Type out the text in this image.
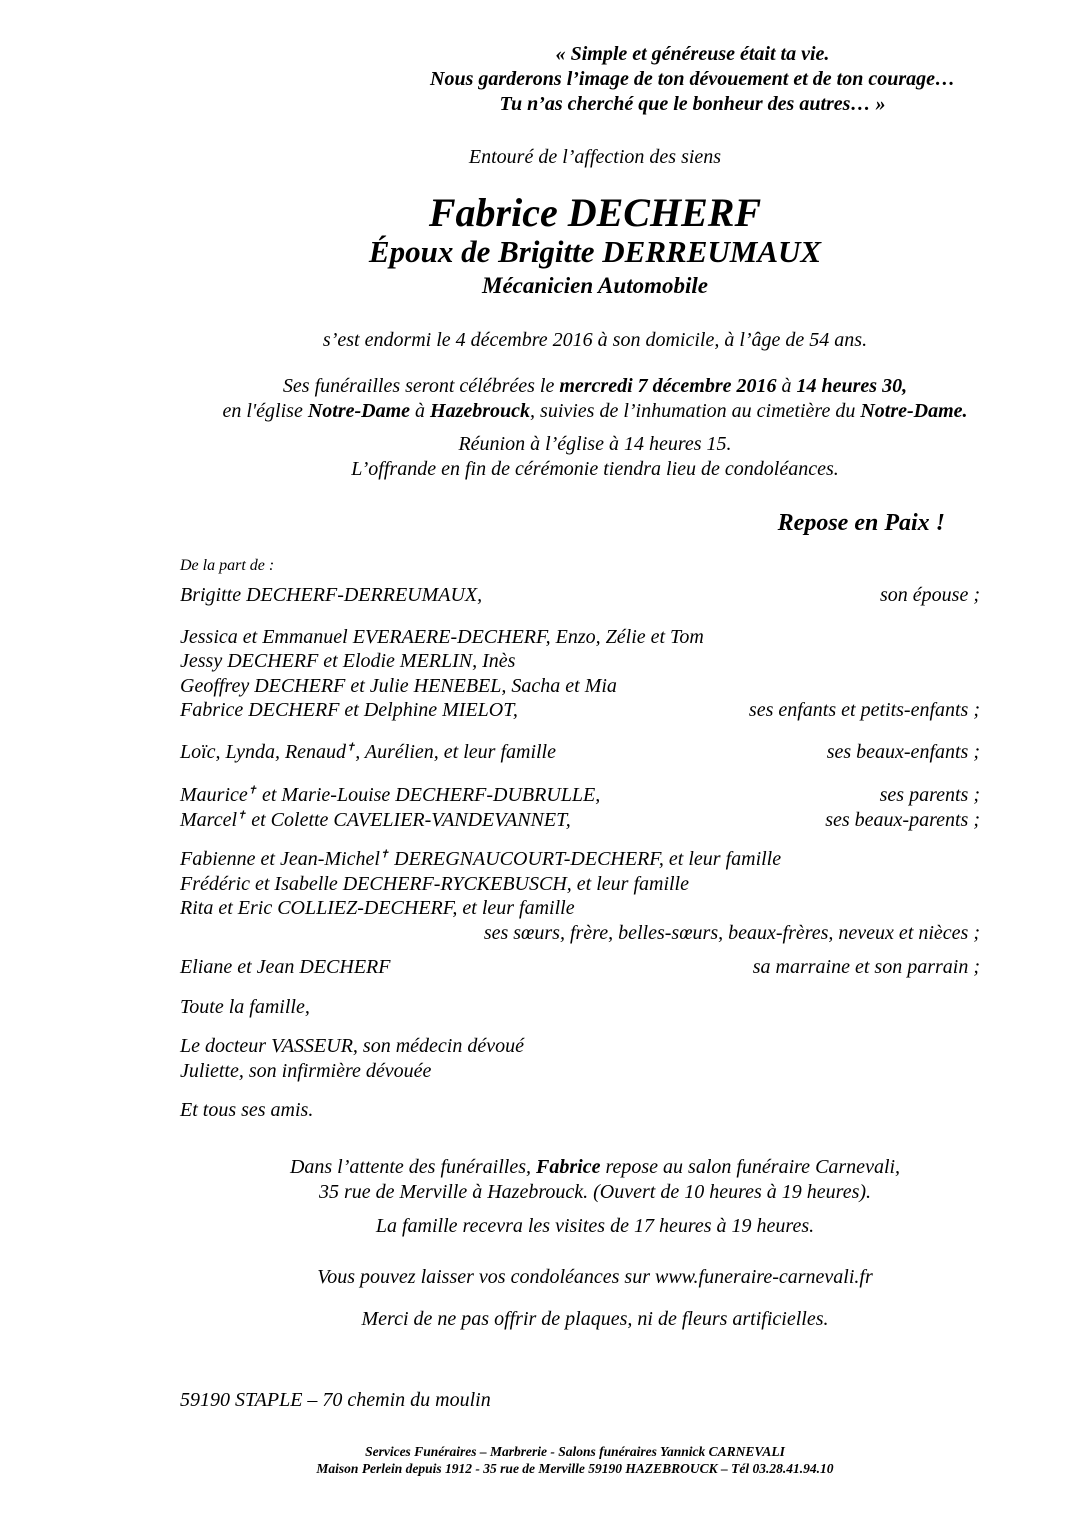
« Simple et généreuse était ta vie.
Nous garderons l’image de ton dévouement et de ton courage…
Tu n’as cherché que le bonheur des autres… »
Entouré de l’affection des siens
Fabrice DECHERF
Époux de Brigitte DERREUMAUX
Mécanicien Automobile
s’est endormi le 4 décembre 2016 à son domicile, à l’âge de 54 ans.
Ses funérailles seront célébrées le mercredi 7 décembre 2016 à 14 heures 30,
en l'église Notre-Dame à Hazebrouck, suivies de l’inhumation au cimetière du Notre-Dame.
Réunion à l’église à 14 heures 15.
L’offrande en fin de cérémonie tiendra lieu de condoléances.
Repose en Paix !
De la part de :
Brigitte DECHERF-DERREUMAUX,	son épouse ;
Jessica et Emmanuel EVERAERE-DECHERF, Enzo, Zélie et Tom
Jessy DECHERF et Elodie MERLIN, Inès
Geoffrey DECHERF et Julie HENEBEL, Sacha et Mia
Fabrice DECHERF et Delphine MIELOT,	ses enfants et petits-enfants ;
Loïc, Lynda, Renaud✝, Aurélien, et leur famille	ses beaux-enfants ;
Maurice✝ et Marie-Louise DECHERF-DUBRULLE,	ses parents ;
Marcel✝ et Colette CAVELIER-VANDEVANNET,	ses beaux-parents ;
Fabienne et Jean-Michel✝ DEREGNAUCOURT-DECHERF, et leur famille
Frédéric et Isabelle DECHERF-RYCKEBUSCH, et leur famille
Rita et Eric COLLIEZ-DECHERF, et leur famille
ses sœurs, frère, belles-sœurs, beaux-frères, neveux et nièces ;
Eliane et Jean DECHERF	sa marraine et son parrain ;
Toute la famille,
Le docteur VASSEUR, son médecin dévoué
Juliette, son infirmière dévouée
Et tous ses amis.
Dans l’attente des funérailles, Fabrice repose au salon funéraire Carnevali,
35 rue de Merville à Hazebrouck. (Ouvert de 10 heures à 19 heures).
La famille recevra les visites de 17 heures à 19 heures.
Vous pouvez laisser vos condoléances sur www.funeraire-carnevali.fr
Merci de ne pas offrir de plaques, ni de fleurs artificielles.
59190 STAPLE – 70 chemin du moulin
Services Funéraires – Marbrerie - Salons funéraires Yannick CARNEVALI
Maison Perlein depuis 1912 - 35 rue de Merville 59190 HAZEBROUCK – Tél 03.28.41.94.10
